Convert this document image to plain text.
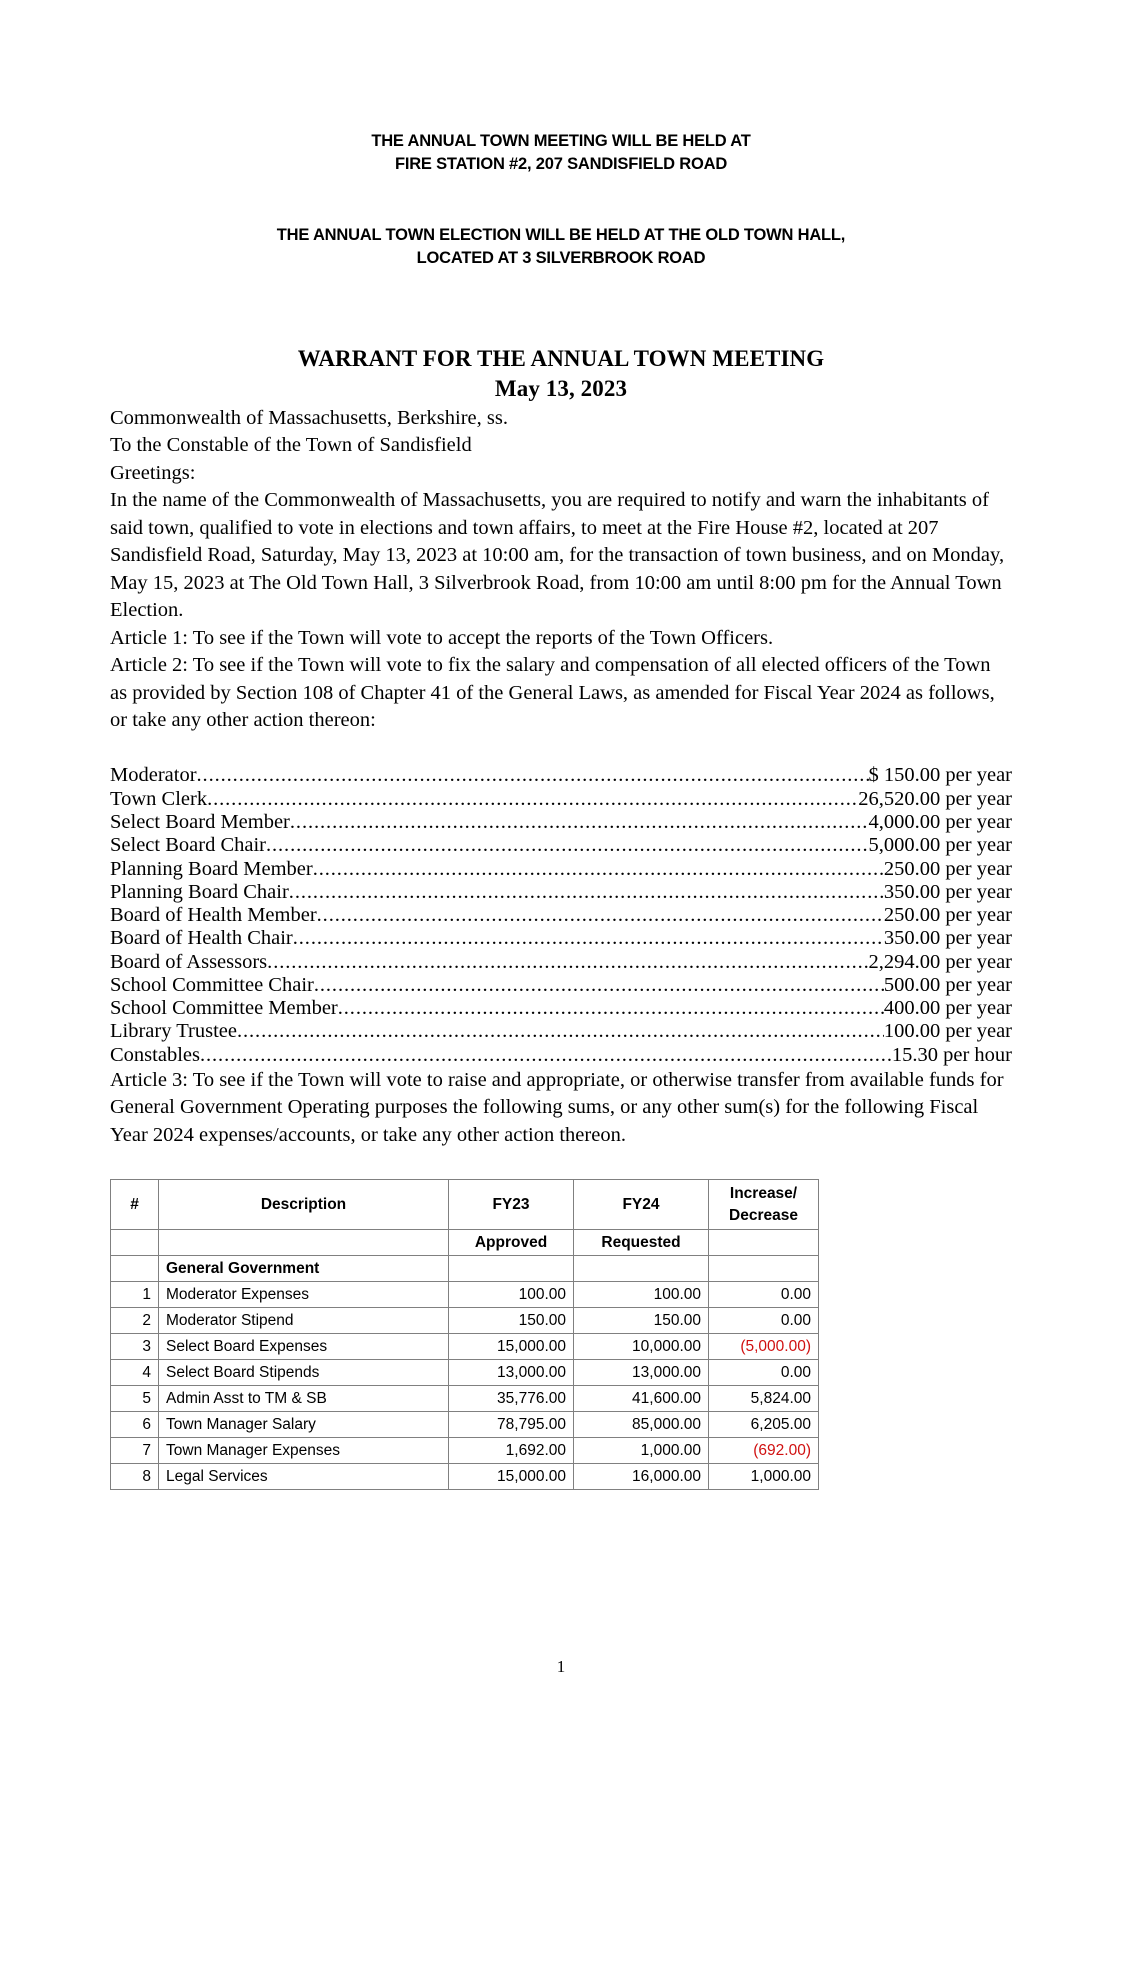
THE ANNUAL TOWN MEETING WILL BE HELD AT
FIRE STATION #2, 207 SANDISFIELD ROAD
THE ANNUAL TOWN ELECTION WILL BE HELD AT THE OLD TOWN HALL,
LOCATED AT 3 SILVERBROOK ROAD
WARRANT FOR THE ANNUAL TOWN MEETING
May 13, 2023

Commonwealth of Massachusetts, Berkshire, ss.

To the Constable of the Town of Sandisfield

Greetings:

In the name of the Commonwealth of Massachusetts, you are required to notify and warn the inhabitants of said town, qualified to vote in elections and town affairs, to meet at the Fire House #2, located at 207 Sandisfield Road, Saturday, May 13, 2023 at 10:00 am, for the transaction of town business, and on Monday, May 15, 2023 at The Old Town Hall, 3 Silverbrook Road, from 10:00 am until 8:00 pm for the Annual Town Election.

Article 1: To see if the Town will vote to accept the reports of the Town Officers.

Article 2: To see if the Town will vote to fix the salary and compensation of all elected officers of the Town as provided by Section 108 of Chapter 41 of the General Laws, as amended for Fiscal Year 2024 as follows, or take any other action thereon:

Moderator .....	$ 150.00 per year
Town Clerk .....	26,520.00 per year
Select Board Member .....	4,000.00 per year
Select Board Chair .....	5,000.00 per year
Planning Board Member .....	250.00 per year
Planning Board Chair .....	350.00 per year
Board of Health Member .....	250.00 per year
Board of Health Chair .....	350.00 per year
Board of Assessors .....	2,294.00 per year
School Committee Chair .....	500.00 per year
School Committee Member .....	400.00 per year
Library Trustee .....	100.00 per year
Constables .....	15.30 per hour

Article 3: To see if the Town will vote to raise and appropriate, or otherwise transfer from available funds for General Government Operating purposes the following sums, or any other sum(s) for the following Fiscal Year 2024 expenses/accounts, or take any other action thereon.

#	Description	FY23	FY24	Increase/
Decrease

		Approved	Requested	
	General Government			
1	Moderator Expenses	100.00	100.00	0.00
2	Moderator Stipend	150.00	150.00	0.00
3	Select Board Expenses	15,000.00	10,000.00	(5,000.00)
4	Select Board Stipends	13,000.00	13,000.00	0.00
5	Admin Asst to TM & SB	35,776.00	41,600.00	5,824.00
6	Town Manager Salary	78,795.00	85,000.00	6,205.00
7	Town Manager Expenses	1,692.00	1,000.00	(692.00)
8	Legal Services	15,000.00	16,000.00	1,000.00
1
